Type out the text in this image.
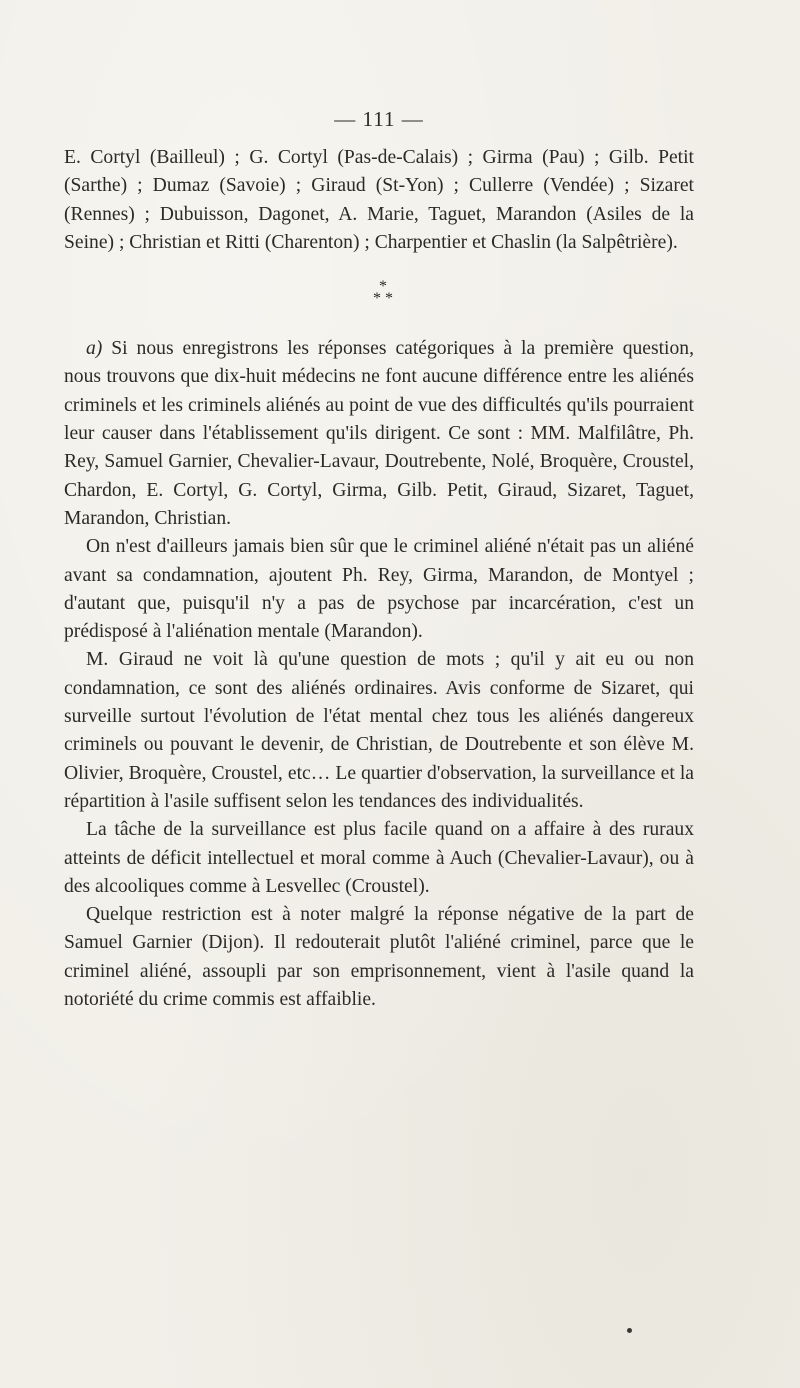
— 111 —

E. Cortyl (Bailleul) ; G. Cortyl (Pas-de-Calais) ; Girma (Pau) ; Gilb. Petit (Sarthe) ; Dumaz (Savoie) ; Giraud (St-Yon) ; Cullerre (Vendée) ; Sizaret (Rennes) ; Dubuisson, Dagonet, A. Marie, Taguet, Marandon (Asiles de la Seine) ; Christian et Ritti (Charenton) ; Charpentier et Chaslin (la Salpêtrière).

*
* *

a) Si nous enregistrons les réponses catégoriques à la première question, nous trouvons que dix-huit médecins ne font aucune différence entre les aliénés criminels et les criminels aliénés au point de vue des difficultés qu'ils pourraient leur causer dans l'établissement qu'ils dirigent. Ce sont : MM. Malfilâtre, Ph. Rey, Samuel Garnier, Chevalier-Lavaur, Doutrebente, Nolé, Broquère, Croustel, Chardon, E. Cortyl, G. Cortyl, Girma, Gilb. Petit, Giraud, Sizaret, Taguet, Marandon, Christian.

On n'est d'ailleurs jamais bien sûr que le criminel aliéné n'était pas un aliéné avant sa condamnation, ajoutent Ph. Rey, Girma, Marandon, de Montyel ; d'autant que, puisqu'il n'y a pas de psychose par incarcération, c'est un prédisposé à l'aliénation mentale (Marandon).

M. Giraud ne voit là qu'une question de mots ; qu'il y ait eu ou non condamnation, ce sont des aliénés ordinaires. Avis conforme de Sizaret, qui surveille surtout l'évolution de l'état mental chez tous les aliénés dangereux criminels ou pouvant le devenir, de Christian, de Doutrebente et son élève M. Olivier, Broquère, Croustel, etc… Le quartier d'observation, la surveillance et la répartition à l'asile suffisent selon les tendances des individualités.

La tâche de la surveillance est plus facile quand on a affaire à des ruraux atteints de déficit intellectuel et moral comme à Auch (Chevalier-Lavaur), ou à des alcooliques comme à Lesvellec (Croustel).

Quelque restriction est à noter malgré la réponse négative de la part de Samuel Garnier (Dijon). Il redouterait plutôt l'aliéné criminel, parce que le criminel aliéné, assoupli par son emprisonnement, vient à l'asile quand la notoriété du crime commis est affaiblie.
